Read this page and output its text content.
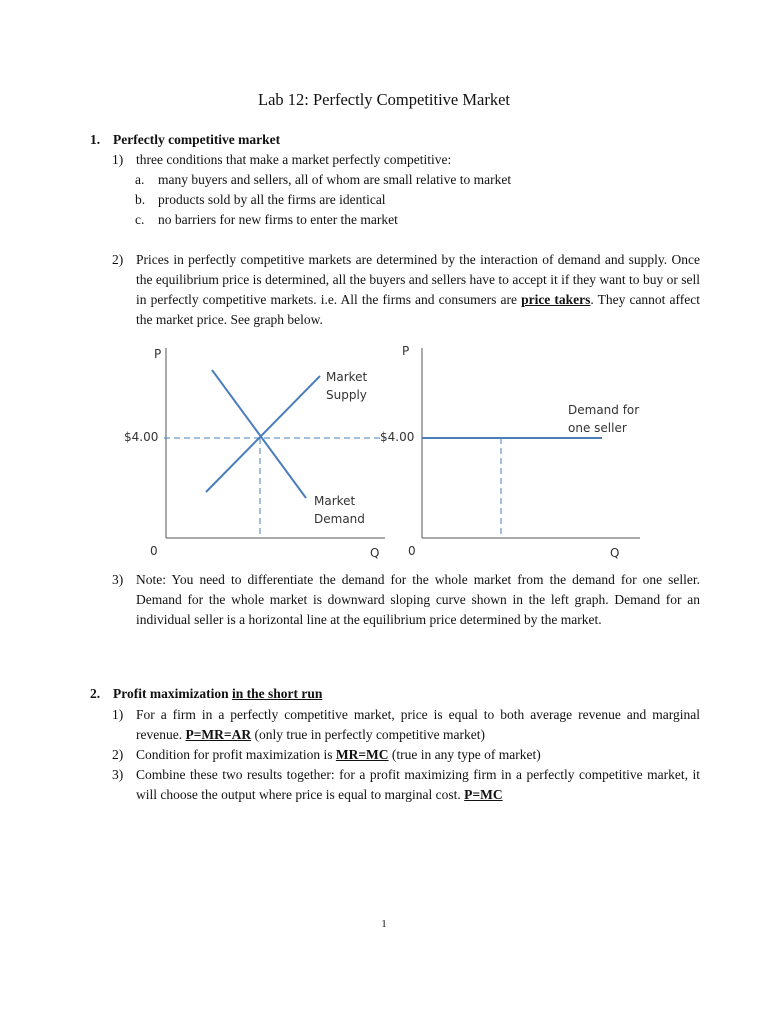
Lab 12: Perfectly Competitive Market
1. Perfectly competitive market
1) three conditions that make a market perfectly competitive:
a. many buyers and sellers, all of whom are small relative to market
b. products sold by all the firms are identical
c. no barriers for new firms to enter the market
2) Prices in perfectly competitive markets are determined by the interaction of demand and supply. Once the equilibrium price is determined, all the buyers and sellers have to accept it if they want to buy or sell in perfectly competitive markets. i.e. All the firms and consumers are price takers. They cannot affect the market price. See graph below.
P
Q
0
$4.00
Market
Supply
Market
Demand
P
Q
0
$4.00
Demand for
one seller
3) Note: You need to differentiate the demand for the whole market from the demand for one seller. Demand for the whole market is downward sloping curve shown in the left graph. Demand for an individual seller is a horizontal line at the equilibrium price determined by the market.
2. Profit maximization in the short run
1) For a firm in a perfectly competitive market, price is equal to both average revenue and marginal revenue. P=MR=AR (only true in perfectly competitive market)
2) Condition for profit maximization is MR=MC (true in any type of market)
3) Combine these two results together: for a profit maximizing firm in a perfectly competitive market, it will choose the output where price is equal to marginal cost. P=MC
1
